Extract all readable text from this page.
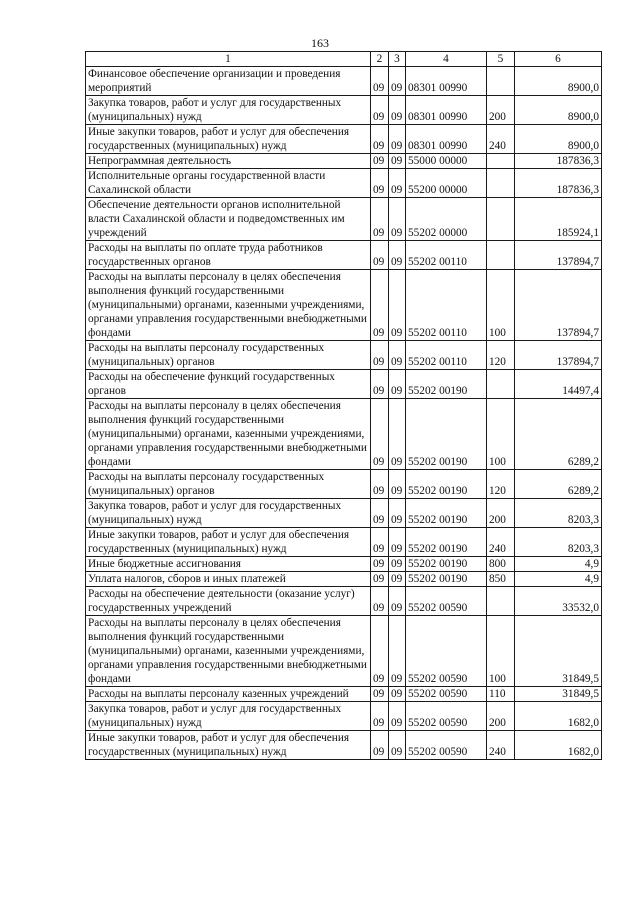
163
1	2	3	4	5	6
Финансовое обеспечение организации и проведения мероприятий	09	09	08301 00990		8900,0
Закупка товаров, работ и услуг для государственных (муниципальных) нужд	09	09	08301 00990	200	8900,0
Иные закупки товаров, работ и услуг для обеспечения государственных (муниципальных) нужд	09	09	08301 00990	240	8900,0
Непрограммная деятельность	09	09	55000 00000		187836,3
Исполнительные органы государственной власти Сахалинской области	09	09	55200 00000		187836,3
Обеспечение деятельности органов исполнительной власти Сахалинской области и подведомственных им учреждений	09	09	55202 00000		185924,1
Расходы на выплаты по оплате труда работников государственных органов	09	09	55202 00110		137894,7
Расходы на выплаты персоналу в целях обеспечения выполнения функций государственными (муниципальными) органами, казенными учреждениями, органами управления государственными внебюджетными фондами	09	09	55202 00110	100	137894,7
Расходы на выплаты персоналу государственных (муниципальных) органов	09	09	55202 00110	120	137894,7
Расходы на обеспечение функций государственных органов	09	09	55202 00190		14497,4
Расходы на выплаты персоналу в целях обеспечения выполнения функций государственными (муниципальными) органами, казенными учреждениями, органами управления государственными внебюджетными фондами	09	09	55202 00190	100	6289,2
Расходы на выплаты персоналу государственных (муниципальных) органов	09	09	55202 00190	120	6289,2
Закупка товаров, работ и услуг для государственных (муниципальных) нужд	09	09	55202 00190	200	8203,3
Иные закупки товаров, работ и услуг для обеспечения государственных (муниципальных) нужд	09	09	55202 00190	240	8203,3
Иные бюджетные ассигнования	09	09	55202 00190	800	4,9
Уплата налогов, сборов и иных платежей	09	09	55202 00190	850	4,9
Расходы на обеспечение деятельности (оказание услуг) государственных учреждений	09	09	55202 00590		33532,0
Расходы на выплаты персоналу в целях обеспечения выполнения функций государственными (муниципальными) органами, казенными учреждениями, органами управления государственными внебюджетными фондами	09	09	55202 00590	100	31849,5
Расходы на выплаты персоналу казенных учреждений	09	09	55202 00590	110	31849,5
Закупка товаров, работ и услуг для государственных (муниципальных) нужд	09	09	55202 00590	200	1682,0
Иные закупки товаров, работ и услуг для обеспечения государственных (муниципальных) нужд	09	09	55202 00590	240	1682,0
